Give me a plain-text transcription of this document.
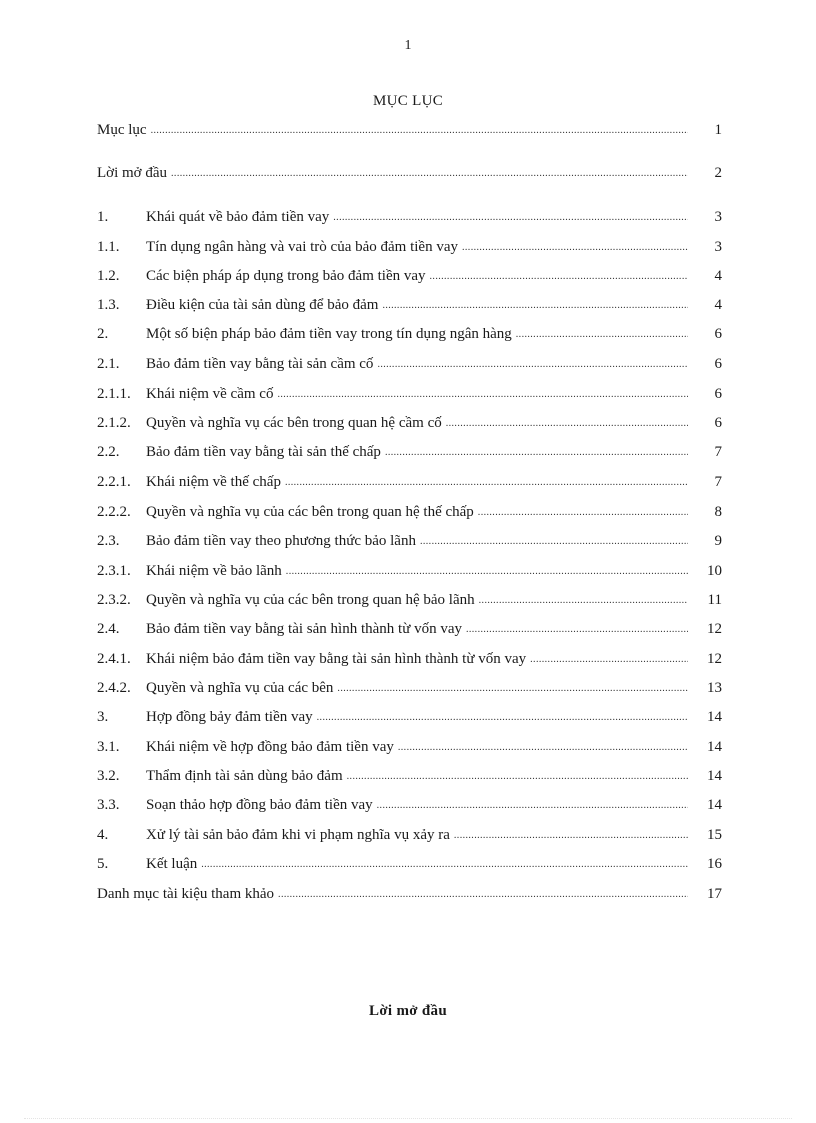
1
MỤC LỤC
Mục lục .....	1
Lời mở đầu .....	2
1.	Khái quát về bảo đảm tiền vay .....	3
1.1.	Tín dụng ngân hàng và vai trò của bảo đảm tiền vay .....	3
1.2.	Các biện pháp áp dụng trong bảo đảm tiền vay .....	4
1.3.	Điều kiện của tài sản dùng để bảo đảm .....	4
2.	Một số biện pháp bảo đảm tiền vay trong tín dụng ngân hàng .....	6
2.1.	Bảo đảm tiền vay bằng tài sản cầm cố .....	6
2.1.1.	Khái niệm về cầm cố .....	6
2.1.2.	Quyền và nghĩa vụ các bên trong quan hệ cầm cố .....	6
2.2.	Bảo đảm tiền vay bằng tài sản thế chấp .....	7
2.2.1.	Khái niệm về thế chấp .....	7
2.2.2.	Quyền và nghĩa vụ của các bên trong quan hệ thế chấp .....	8
2.3.	Bảo đảm tiền vay theo phương thức bảo lãnh .....	9
2.3.1.	Khái niệm về bảo lãnh .....	10
2.3.2.	Quyền và nghĩa vụ của các bên trong quan hệ bảo lãnh .....	11
2.4.	Bảo đảm tiền vay bằng tài sản hình thành từ vốn vay .....	12
2.4.1.	Khái niệm bảo đảm tiền vay bằng tài sản hình thành từ vốn vay .....	12
2.4.2.	Quyền và nghĩa vụ của các bên .....	13
3.	Hợp đồng bảy đảm tiền vay .....	14
3.1.	Khái niệm về hợp đồng bảo đảm tiền vay .....	14
3.2.	Thẩm định tài sản dùng bảo đảm .....	14
3.3.	Soạn thảo hợp đồng bảo đảm tiền vay .....	14
4.	Xử lý tài sản bảo đảm khi vi phạm nghĩa vụ xảy ra .....	15
5.	Kết luận .....	16
Danh mục tài kiệu tham khảo .....	17
Lời mở đầu
